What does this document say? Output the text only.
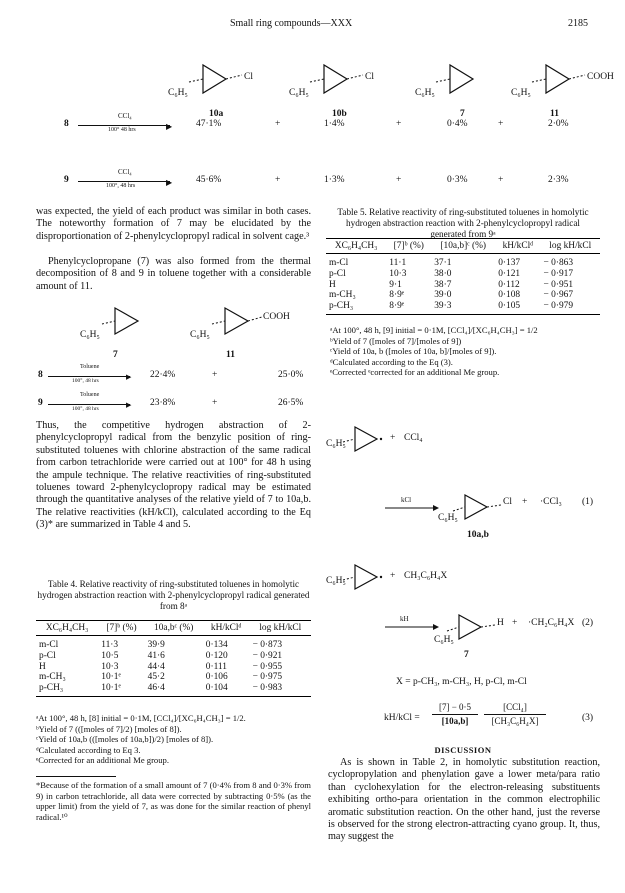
Small ring compounds—XXX	2185
C₆H₅
Cl
10a
C₆H₅
Cl
10b
C₆H₅
7
C₆H₅
COOH
11
8
CCl₄
▶
100° 48 hrs
47·1%	+	1·4%	+	0·4%	+	2·0%
9
CCl₄
▶
100°, 48 hrs
45·6%	+	1·3%	+	0·3%	+	2·3%
was expected, the yield of each product was similar in both cases. The noteworthy formation of 7 may be elucidated by the disproportionation of 2-phenylcyclopropyl radical in solvent cage.³
Phenylcyclopropane (7) was also formed from the thermal decomposition of 8 and 9 in toluene together with a considerable amount of 11.
C₆H₅	C₆H₅
COOH
7	11
8
Toluene
▶
100°, 48 hrs
22·4%	+	25·0%
9
Toluene
▶
100°, 48 hrs
23·8%	+	26·5%
Thus, the competitive hydrogen abstraction of 2-phenylcyclopropyl radical from the benzylic position of ring-substituted toluenes with chlorine abstraction of the same radical from carbon tetrachloride were carried out at 100° for 48 h using the ampule technique. The relative reactivities of ring-substituted toluenes toward 2-phenylcyclopropy radical may be estimated through the quantitative analyses of the relative yield of 7 to 10a,b. The relative reactivities (kH/kCl), calculated according to the Eq (3)* are summarized in Table 4 and 5.
Table 4. Relative reactivity of ring-substituted toluenes in homolytic hydrogen abstraction reaction with 2-phenylcyclopropyl radical generated from 8ᵃ
XC₆H₄CH₃	[7]ᵇ (%)	10a,bᶜ (%)	kH/kClᵈ	log kH/kCl
m-Cl	11·3	39·9	0·134	− 0·873
p-Cl	10·5	41·6	0·120	− 0·921
H	10·3	44·4	0·111	− 0·955
m-CH₃	10·1ᵉ	45·2	0·106	− 0·975
p-CH₃	10·1ᵉ	46·4	0·104	− 0·983
ᵃAt 100°, 48 h, [8] initial = 0·1M, [CCl₄]/[XC₆H₄CH₃] = 1/2.
ᵇYield of 7 (([moles of 7]/2) [moles of 8]).
ᶜYield of 10a,b (([moles of 10a,b])/2) [moles of 8]).
ᵈCalculated according to Eq 3.
ᵉCorrected for an additional Me group.
*Because of the formation of a small amount of 7 (0·4% from 8 and 0·3% from 9) in carbon tetrachloride, all data were corrected by subtracting 0·5% (as the upper limit) from the yield of 7, as was done for the similar reaction of phenyl radical.¹⁰
Table 5. Relative reactivity of ring-substituted toluenes in homolytic hydrogen abstraction reaction with 2-phenylcyclopropyl radical generated from 9ᵃ
XC₆H₄CH₃	[7]ᵇ (%)	[10a,b]ᶜ (%)	kH/kClᵈ	log kH/kCl
m-Cl	11·1	37·1	0·137	− 0·863
p-Cl	10·3	38·0	0·121	− 0·917
H	9·1	38·7	0·112	− 0·951
m-CH₃	8·9ᵉ	39·0	0·108	− 0·967
p-CH₃	8·9ᵉ	39·3	0·105	− 0·979
ᵃAt 100°, 48 h, [9] initial = 0·1M, [CCl₄]/[XC₆H₄CH₃] = 1/2
ᵇYield of 7 ([moles of 7]/[moles of 9])
ᶜYield of 10a, b ([moles of 10a, b]/[moles of 9]).
ᵈCalculated according to the Eq (3).
ᵉCorrected ᵉcorrected for an additional Me group.
C₆H₅
+ CCl₄
kCl
C₆H₅
Cl + ·CCl₃ (1)
10a,b
C₆H₅	+ CH₃C₆H₄X
kH
C₆H₅
H + ·CH₂C₆H₄X (2)
7
X = p-CH₃, m-CH₃, H, p-Cl, m-Cl
kH/kCl =
[7] − 0·5
[10a,b]
[CCl₄]
[CH₃C₆H₄X]	(3)
DISCUSSION
As is shown in Table 2, in homolytic substitution reaction, cyclopropylation and phenylation gave a lower meta/para ratio than cyclohexylation for the electron-releasing substituents exhibiting ortho-para orientation in the common electrophilic aromatic substitution reaction. On the other hand, just the reverse is observed for the strong electron-attracting cyano group. It, thus, may suggest the
